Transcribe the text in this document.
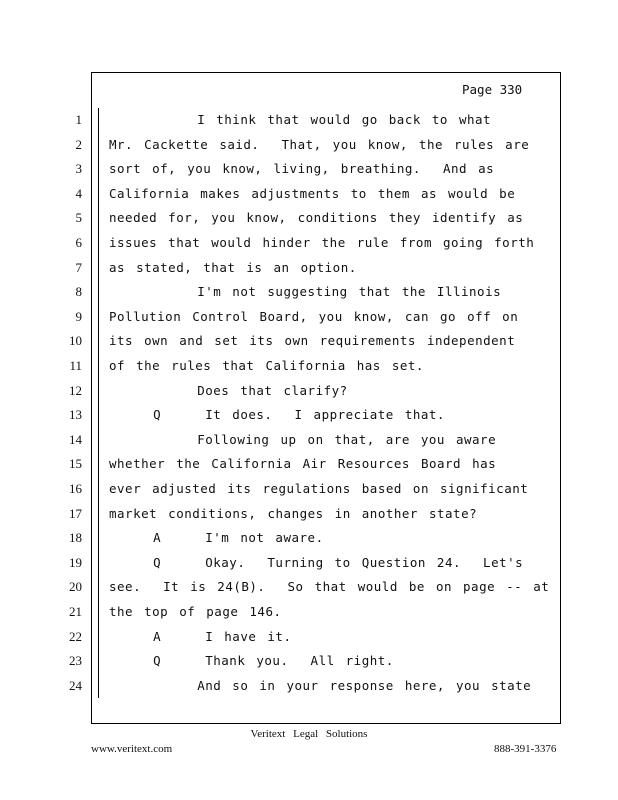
Page 330
1 I think that would go back to what
2 Mr. Cackette said.  That, you know, the rules are
3 sort of, you know, living, breathing.  And as
4 California makes adjustments to them as would be
5 needed for, you know, conditions they identify as
6 issues that would hinder the rule from going forth
7 as stated, that is an option.
8 I'm not suggesting that the Illinois
9 Pollution Control Board, you know, can go off on
10 its own and set its own requirements independent
11 of the rules that California has set.
12 Does that clarify?
13 Q    It does.  I appreciate that.
14 Following up on that, are you aware
15 whether the California Air Resources Board has
16 ever adjusted its regulations based on significant
17 market conditions, changes in another state?
18 A    I'm not aware.
19 Q    Okay.  Turning to Question 24.  Let's
20 see.  It is 24(B).  So that would be on page -- at
21 the top of page 146.
22 A    I have it.
23 Q    Thank you.  All right.
24 And so in your response here, you state
Veritext Legal Solutions
www.veritext.com	888-391-3376
